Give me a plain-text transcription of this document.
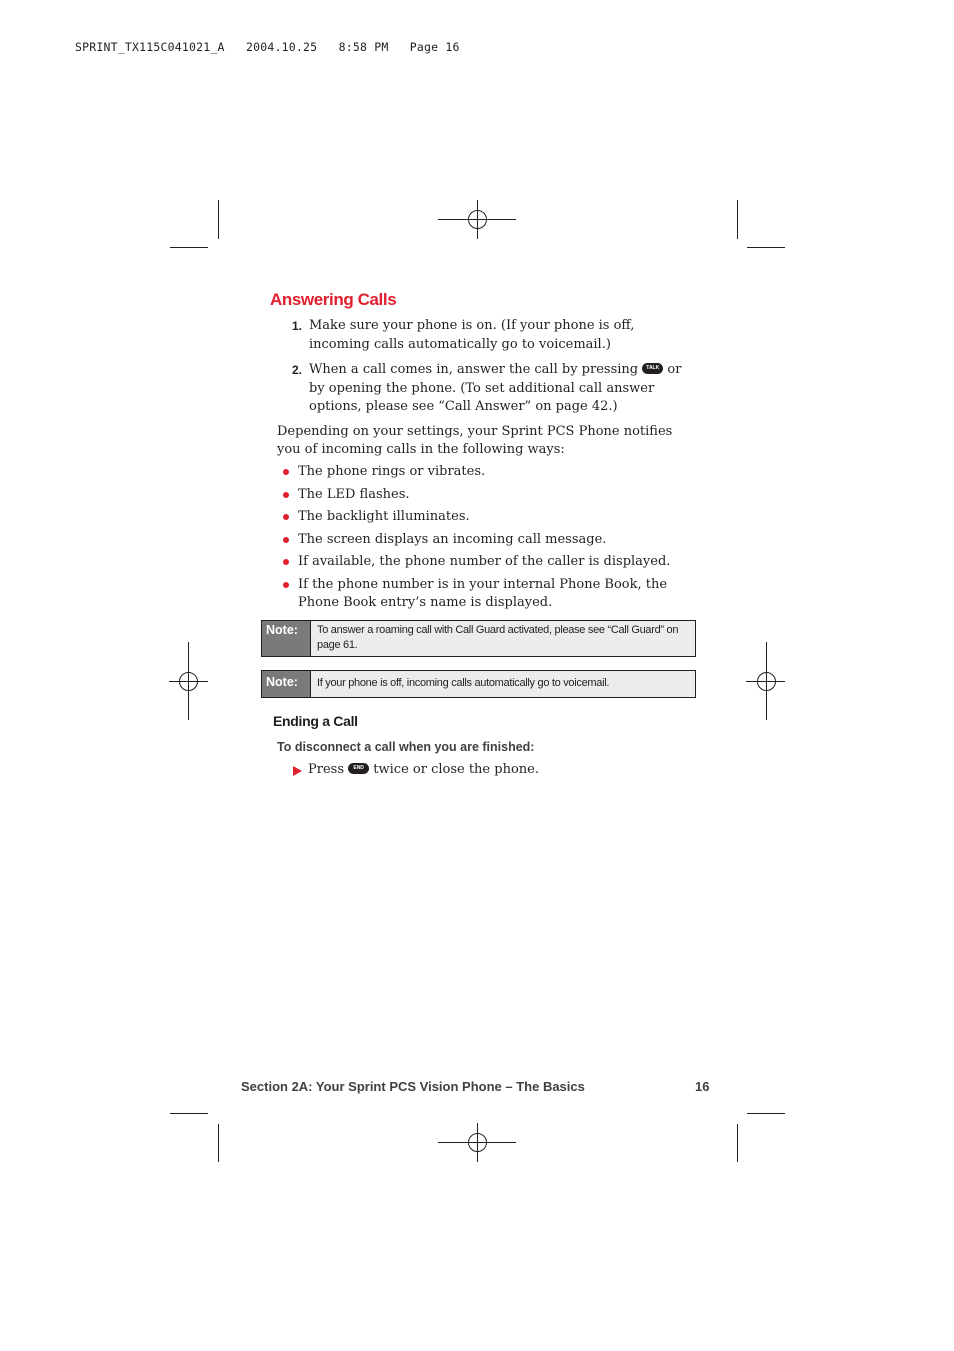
SPRINT_TX115C041021_A   2004.10.25   8:58 PM   Page 16
Answering Calls
1. Make sure your phone is on. (If your phone is off, incoming calls automatically go to voicemail.)
2. When a call comes in, answer the call by pressing TALK or by opening the phone. (To set additional call answer options, please see “Call Answer” on page 42.)
Depending on your settings, your Sprint PCS Phone notifies you of incoming calls in the following ways:
The phone rings or vibrates.
The LED flashes.
The backlight illuminates.
The screen displays an incoming call message.
If available, the phone number of the caller is displayed.
If the phone number is in your internal Phone Book, the Phone Book entry’s name is displayed.
Note:	To answer a roaming call with Call Guard activated, please see “Call Guard” on page 61.
Note:	If your phone is off, incoming calls automatically go to voicemail.
Ending a Call
To disconnect a call when you are finished:
Press END twice or close the phone.
Section 2A: Your Sprint PCS Vision Phone – The Basics	16
